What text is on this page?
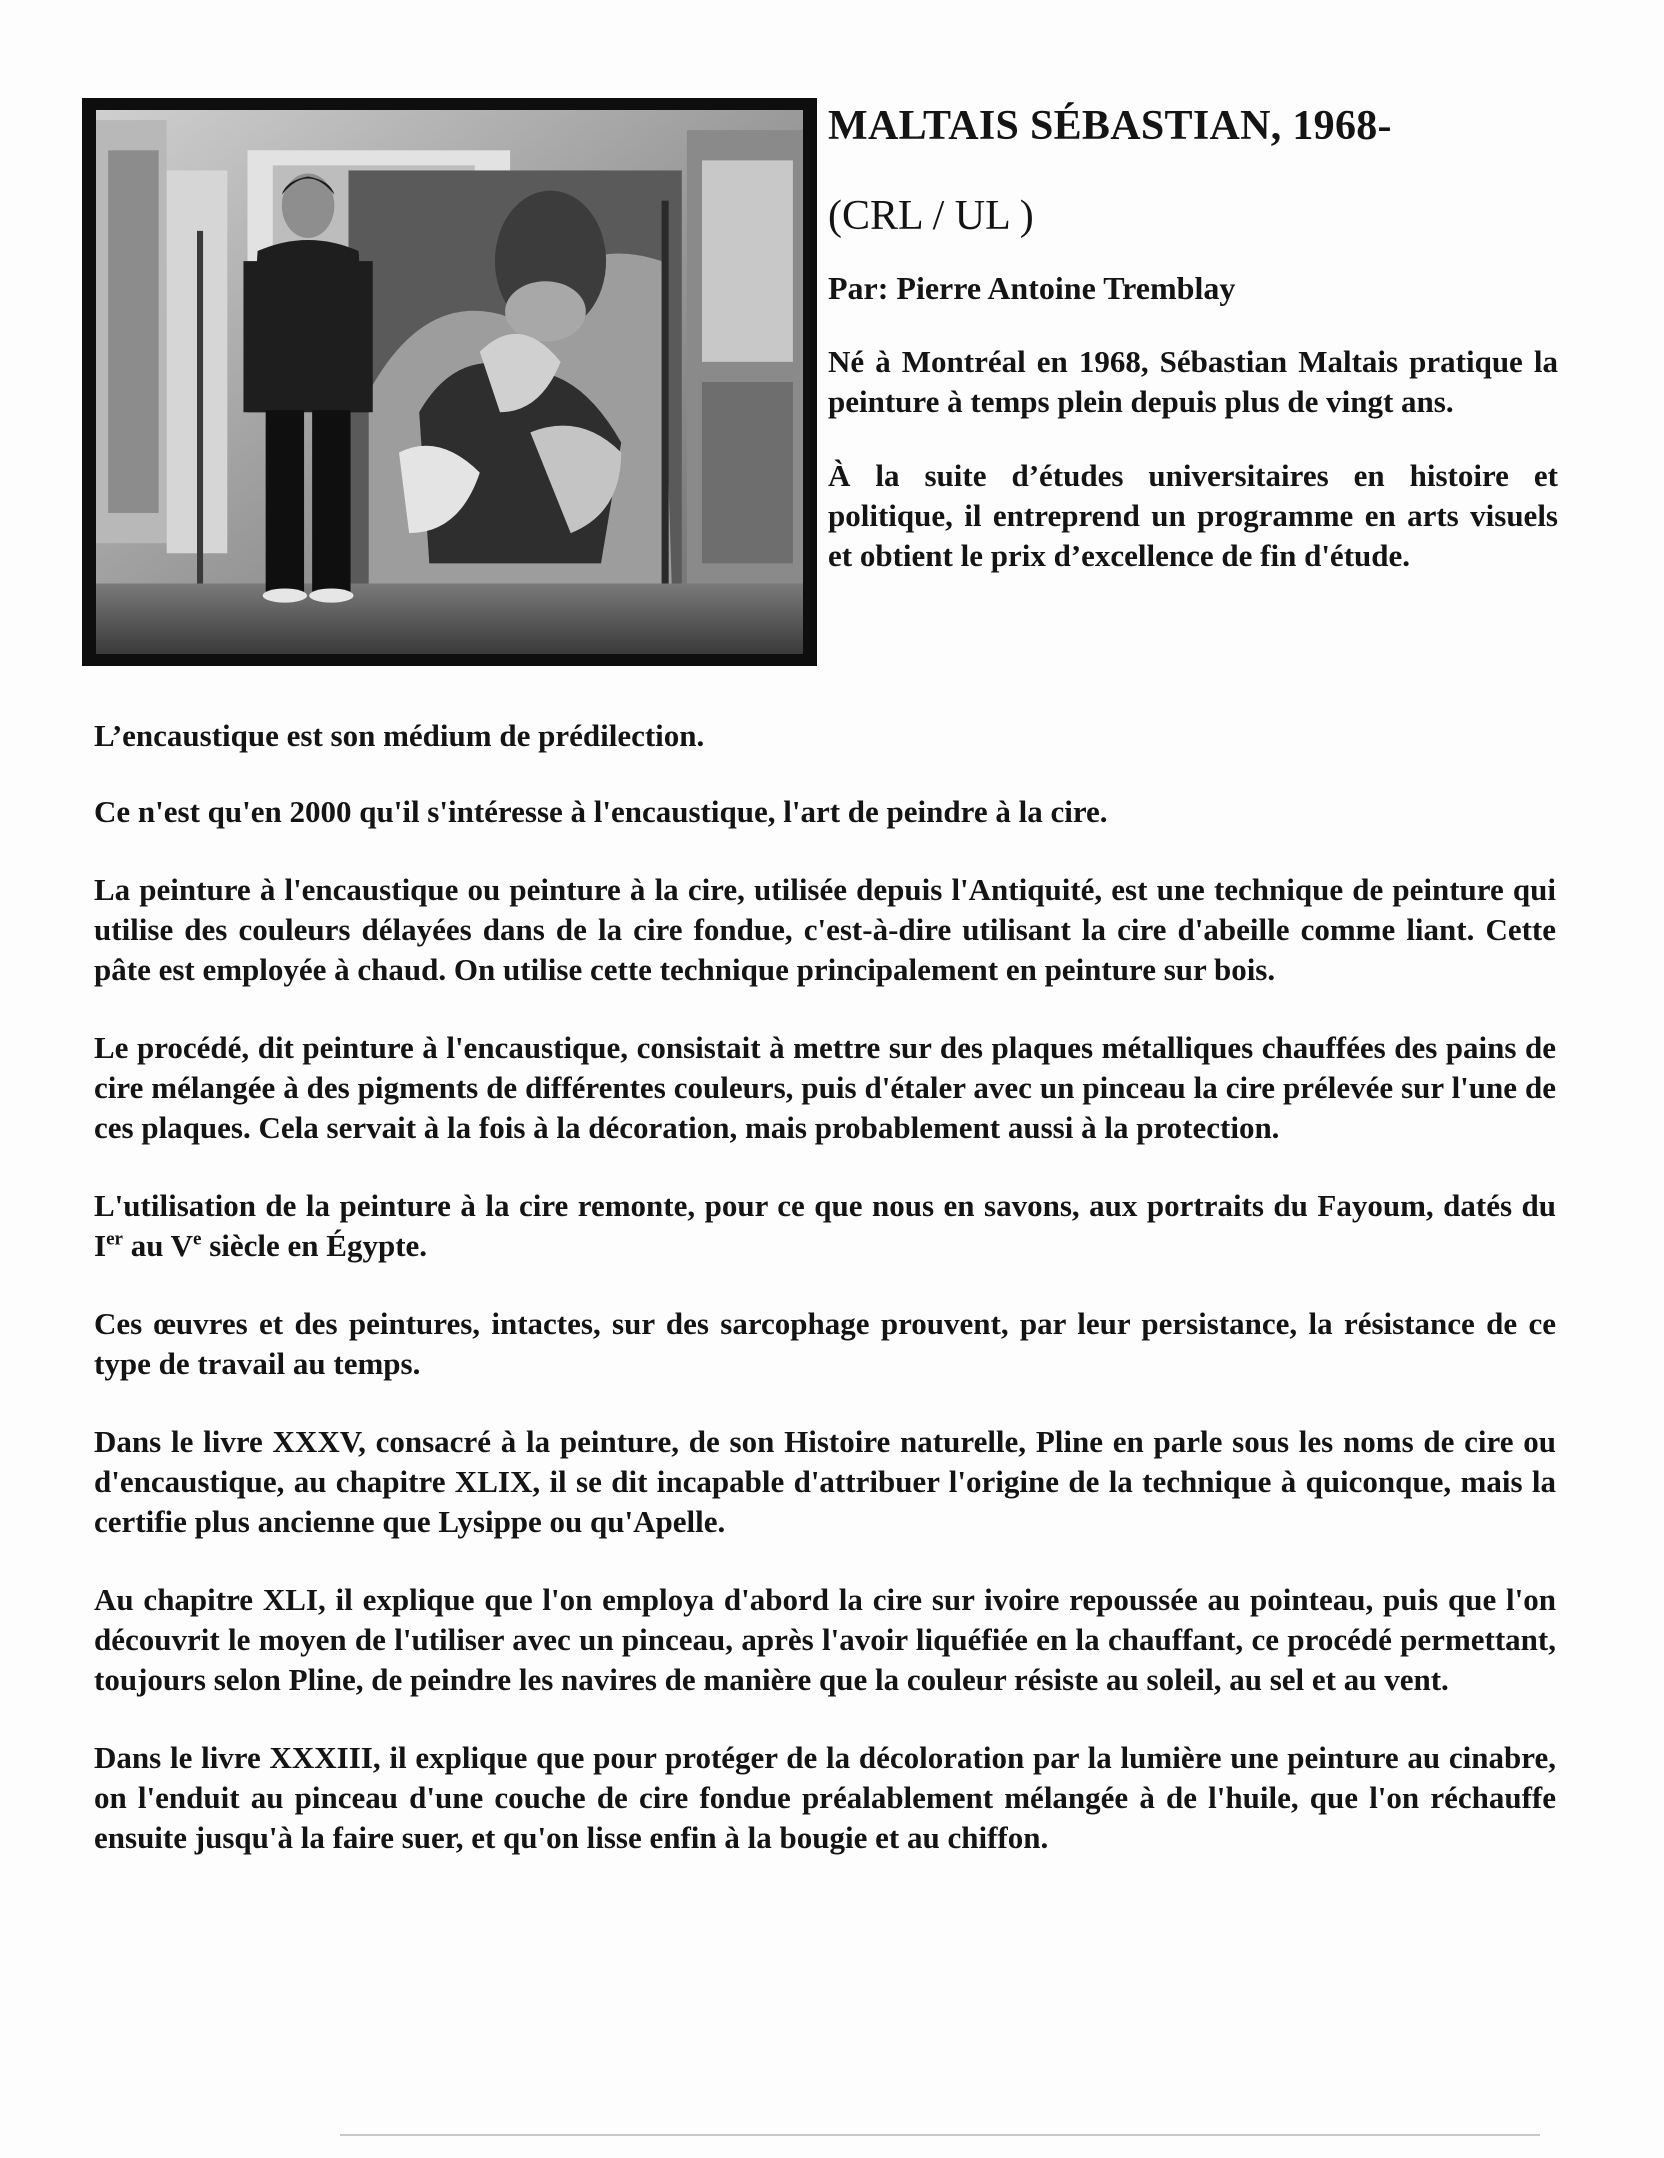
MALTAIS SÉBASTIAN, 1968-
(CRL / UL )
Par: Pierre Antoine Tremblay

Né à Montréal en 1968, Sébastian Maltais pratique la peinture à temps plein depuis plus de vingt ans.

À la suite d’études universitaires en histoire et politique, il entreprend un programme en arts visuels et obtient le prix d’excellence de fin d'étude.

L’encaustique est son médium de prédilection.

Ce n'est qu'en 2000 qu'il s'intéresse à l'encaustique, l'art de peindre à la cire.

La peinture à l'encaustique ou peinture à la cire, utilisée depuis l'Antiquité, est une technique de peinture qui utilise des couleurs délayées dans de la cire fondue, c'est-à-dire utilisant la cire d'abeille comme liant. Cette pâte est employée à chaud. On utilise cette technique principalement en peinture sur bois.

Le procédé, dit peinture à l'encaustique, consistait à mettre sur des plaques métalliques chauffées des pains de cire mélangée à des pigments de différentes couleurs, puis d'étaler avec un pinceau la cire prélevée sur l'une de ces plaques. Cela servait à la fois à la décoration, mais probablement aussi à la protection.

L'utilisation de la peinture à la cire remonte, pour ce que nous en savons, aux portraits du Fayoum, datés du Ier au Ve siècle en Égypte.

Ces œuvres et des peintures, intactes, sur des sarcophage prouvent, par leur persistance, la résistance de ce type de travail au temps.

Dans le livre XXXV, consacré à la peinture, de son Histoire naturelle, Pline en parle sous les noms de cire ou d'encaustique, au chapitre XLIX, il se dit incapable d'attribuer l'origine de la technique à quiconque, mais la certifie plus ancienne que Lysippe ou qu'Apelle.

Au chapitre XLI, il explique que l'on employa d'abord la cire sur ivoire repoussée au pointeau, puis que l'on découvrit le moyen de l'utiliser avec un pinceau, après l'avoir liquéfiée en la chauffant, ce procédé permettant, toujours selon Pline, de peindre les navires de manière que la couleur résiste au soleil, au sel et au vent.

Dans le livre XXXIII, il explique que pour protéger de la décoloration par la lumière une peinture au cinabre, on l'enduit au pinceau d'une couche de cire fondue préalablement mélangée à de l'huile, que l'on réchauffe ensuite jusqu'à la faire suer, et qu'on lisse enfin à la bougie et au chiffon.
